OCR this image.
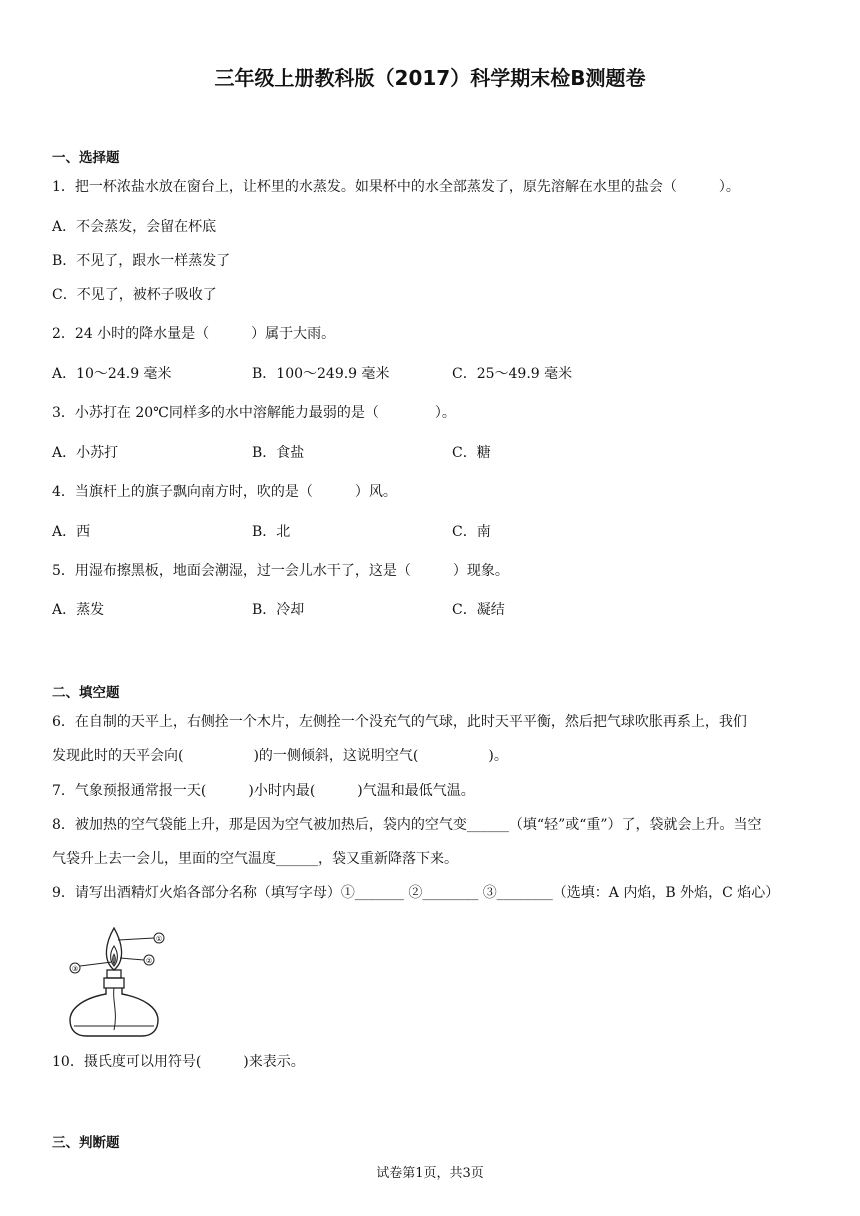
三年级上册教科版（2017）科学期末检B测题卷
一、选择题
1．把一杯浓盐水放在窗台上，让杯里的水蒸发。如果杯中的水全部蒸发了，原先溶解在水里的盐会（　　　）。
A．不会蒸发，会留在杯底
B．不见了，跟水一样蒸发了
C．不见了，被杯子吸收了
2．24 小时的降水量是（　　　）属于大雨。
A．10～24.9 毫米	B．100～249.9 毫米	C．25～49.9 毫米
3．小苏打在 20℃同样多的水中溶解能力最弱的是（　　　　）。
A．小苏打	B．食盐	C．糖
4．当旗杆上的旗子飘向南方时，吹的是（　　　）风。
A．西	B．北	C．南
5．用湿布擦黑板，地面会潮湿，过一会儿水干了，这是（　　　）现象。
A．蒸发	B．冷却	C．凝结
二、填空题
6．在自制的天平上，右侧拴一个木片，左侧拴一个没充气的气球，此时天平平衡，然后把气球吹胀再系上，我们
发现此时的天平会向(　　　　　)的一侧倾斜，这说明空气(　　　　　)。
7．气象预报通常报一天(　　　)小时内最(　　　)气温和最低气温。
8．被加热的空气袋能上升，那是因为空气被加热后，袋内的空气变______（填“轻”或“重”）了，袋就会上升。当空
气袋升上去一会儿，里面的空气温度______，袋又重新降落下来。
9．请写出酒精灯火焰各部分名称（填写字母）①_______ ②________ ③________（选填：A 内焰，B 外焰，C 焰心）
①
②
③
10．摄氏度可以用符号(　　　)来表示。
三、判断题
试卷第1页，共3页
